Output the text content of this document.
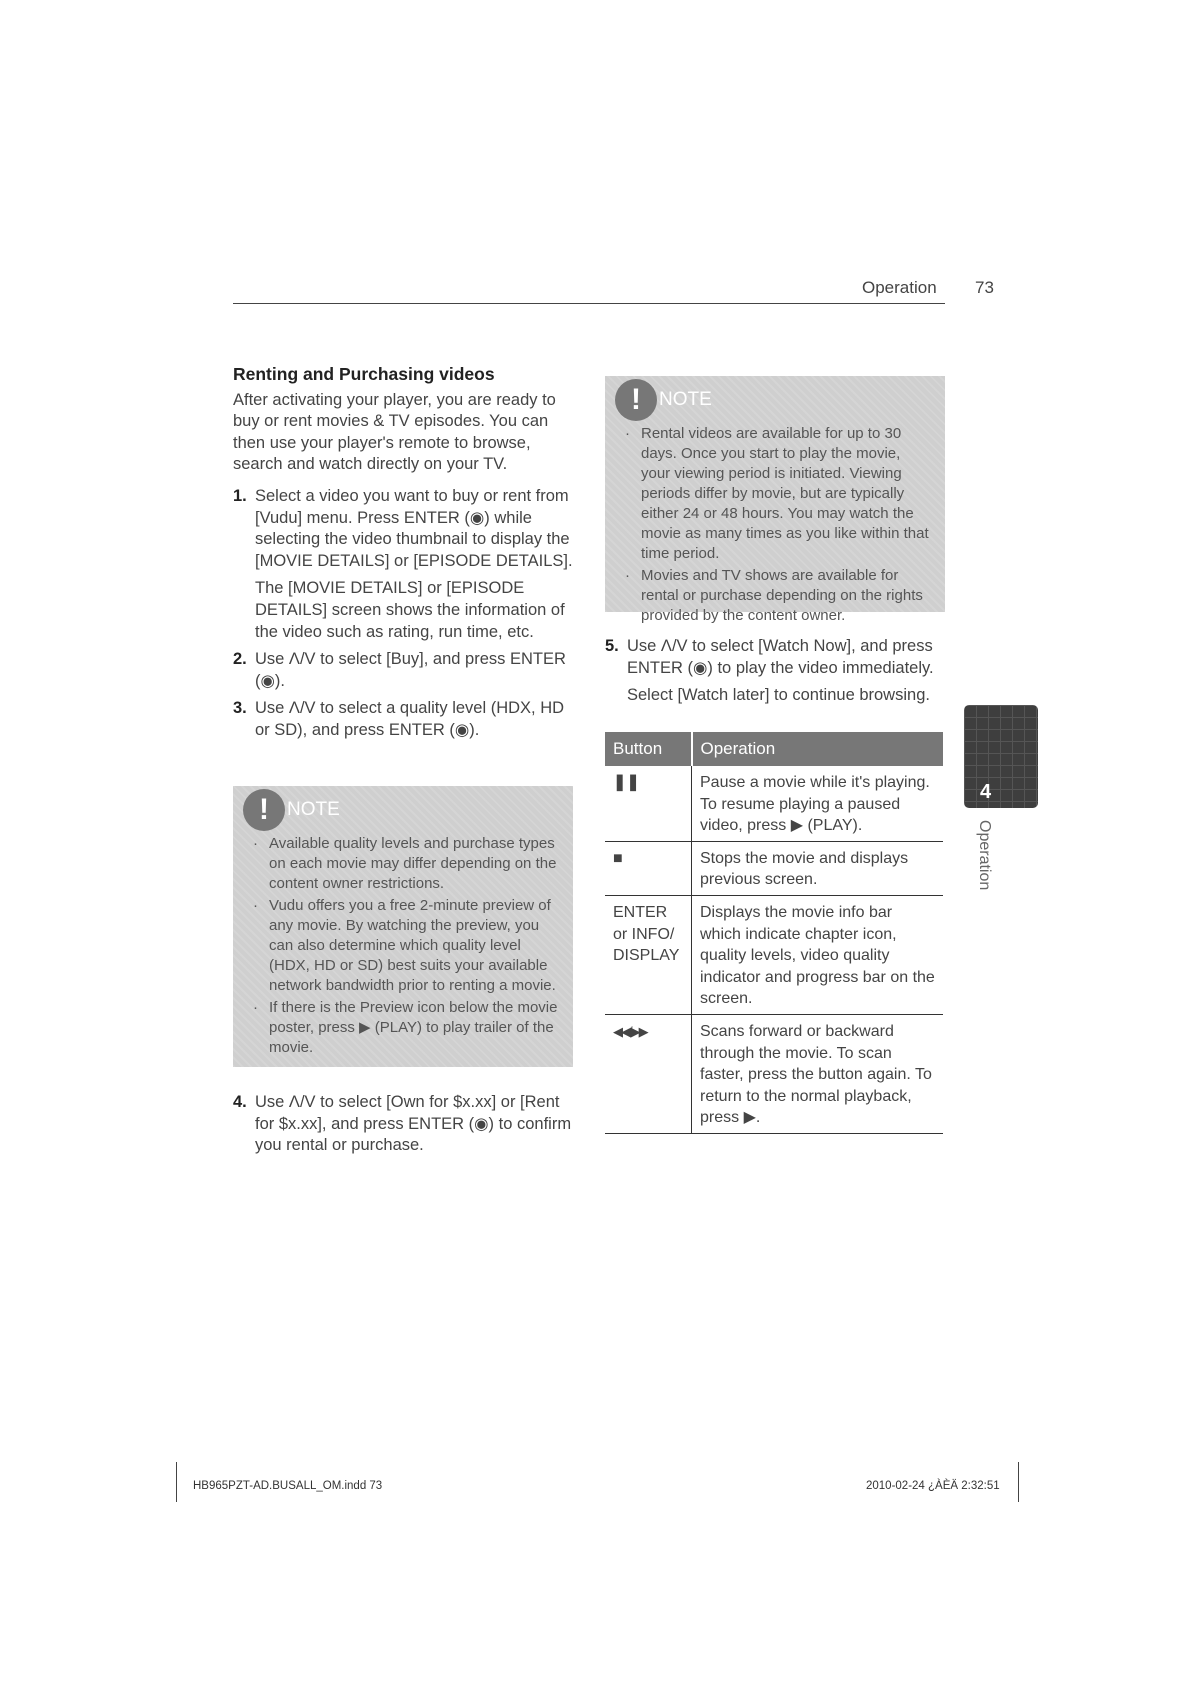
Operation 73
Renting and Purchasing videos

After activating your player, you are ready to buy or rent movies & TV episodes. You can then use your player's remote to browse, search and watch directly on your TV.

1. Select a video you want to buy or rent from [Vudu] menu. Press ENTER (◉) while selecting the video thumbnail to display the [MOVIE DETAILS] or [EPISODE DETAILS].

The [MOVIE DETAILS] or [EPISODE DETAILS] screen shows the information of the video such as rating, run time, etc.

2. Use Λ/V to select [Buy], and press ENTER (◉).

3. Use Λ/V to select a quality level (HDX, HD or SD), and press ENTER (◉).

! NOTE
· Available quality levels and purchase types on each movie may differ depending on the content owner restrictions.
· Vudu offers you a free 2-minute preview of any movie. By watching the preview, you can also determine which quality level (HDX, HD or SD) best suits your available network bandwidth prior to renting a movie.
· If there is the Preview icon below the movie poster, press ▶ (PLAY) to play trailer of the movie.
4. Use Λ/V to select [Own for $x.xx] or [Rent for $x.xx], and press ENTER (◉) to confirm you rental or purchase.

! NOTE
· Rental videos are available for up to 30 days. Once you start to play the movie, your viewing period is initiated. Viewing periods differ by movie, but are typically either 24 or 48 hours. You may watch the movie as many times as you like within that time period.
· Movies and TV shows are available for rental or purchase depending on the rights provided by the content owner.
5. Use Λ/V to select [Watch Now], and press ENTER (◉) to play the video immediately.

Select [Watch later] to continue browsing.

Button	Operation
❚❚	Pause a movie while it's playing. To resume playing a paused video, press ▶ (PLAY).
■	Stops the movie and displays previous screen.
ENTER or INFO/ DISPLAY	Displays the movie info bar which indicate chapter icon, quality levels, video quality indicator and progress bar on the screen.
◀◀/▶▶	Scans forward or backward through the movie. To scan faster, press the button again. To return to the normal playback, press ▶.
4
Operation
HB965PZT-AD.BUSALL_OM.indd 73	2010-02-24 ¿ÀÈÄ 2:32:51
